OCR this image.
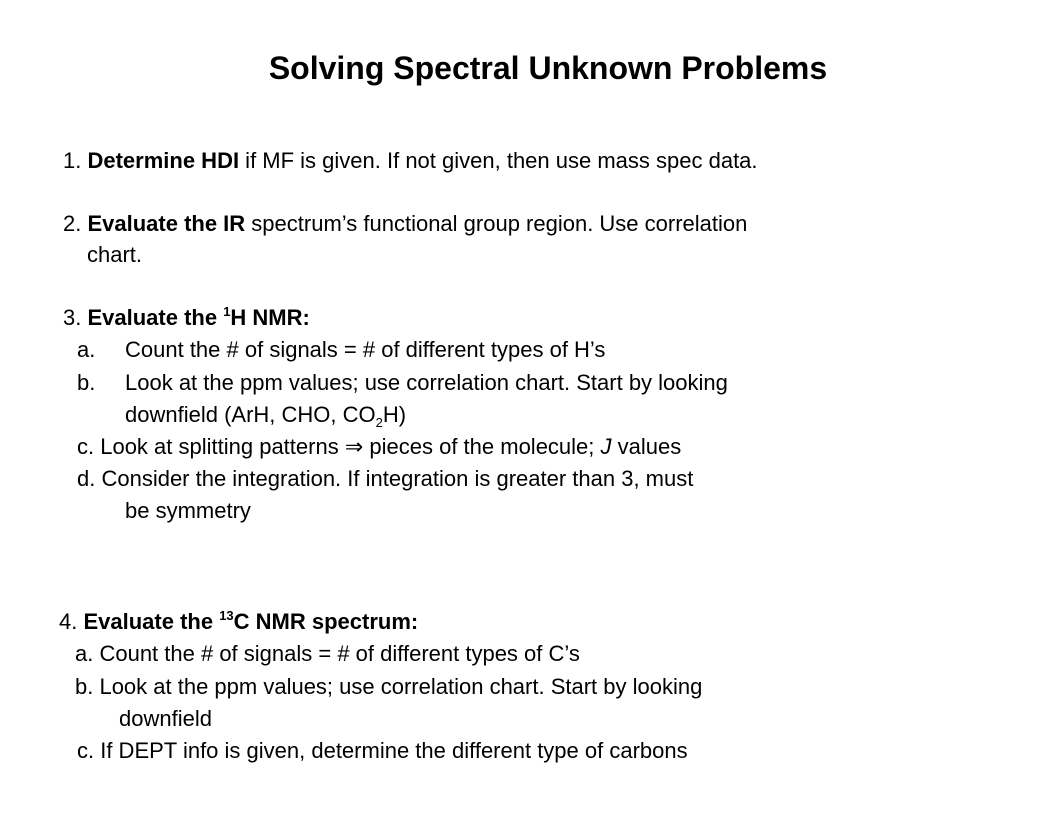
Solving Spectral Unknown Problems
1. Determine HDI if MF is given. If not given, then use mass spec data.
2. Evaluate the IR spectrum’s functional group region. Use correlation
chart.
3. Evaluate the $^1$H NMR:
a. Count the # of signals = # of different types of H’s
b. Look at the ppm values; use correlation chart. Start by looking
downfield (ArH, CHO, $CO_2H$)
c. Look at splitting patterns ⇒ pieces of the molecule; J values
d. Consider the integration. If integration is greater than 3, must
be symmetry
4. Evaluate the $^{13}$C NMR spectrum:
a. Count the # of signals = # of different types of C’s
b. Look at the ppm values; use correlation chart. Start by looking
downfield
c. If DEPT info is given, determine the different type of carbons
